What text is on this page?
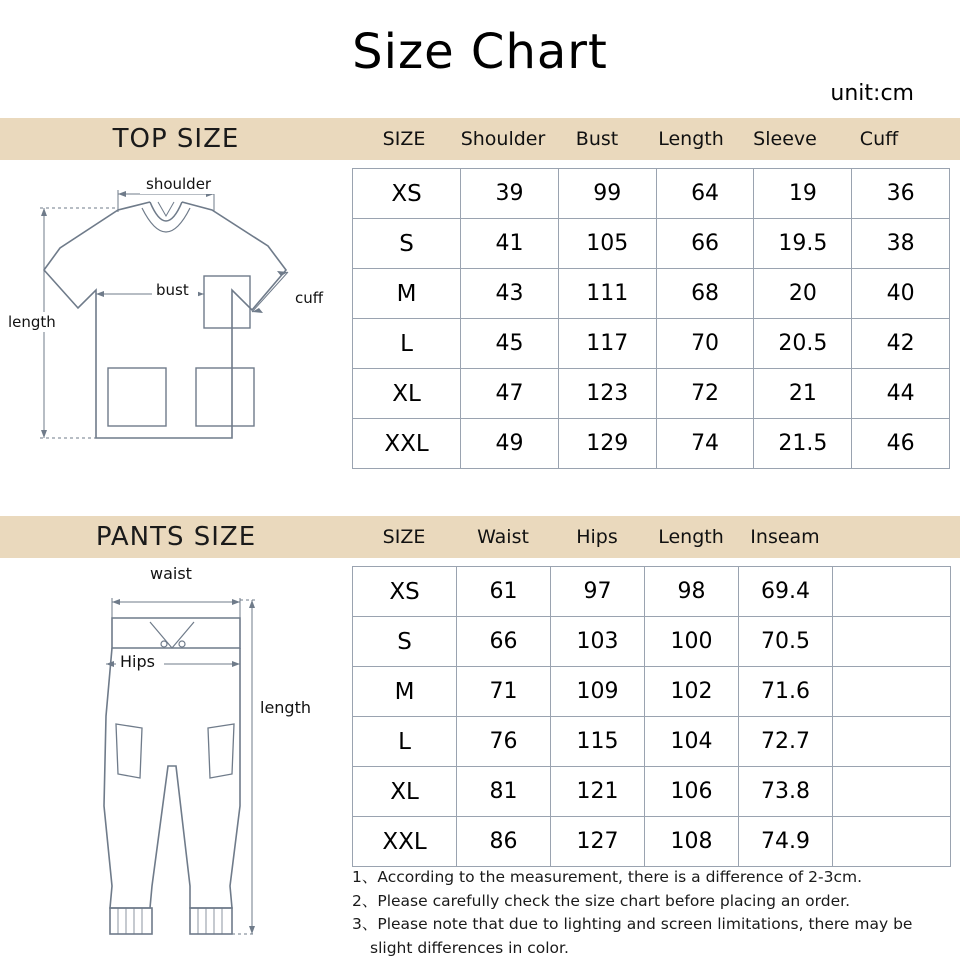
Size Chart
unit:cm
TOP SIZE	SIZE	Shoulder	Bust	Length	Sleeve	Cuff
XS	39	99	64	19	36
S	41	105	66	19.5	38
M	43	111	68	20	40
L	45	117	70	20.5	42
XL	47	123	72	21	44
XXL	49	129	74	21.5	46
shoulder
bust	cuff
length
PANTS SIZE	SIZE	Waist	Hips	Length	Inseam
XS	61	97	98	69.4	
S	66	103	100	70.5	
M	71	109	102	71.6	
L	76	115	104	72.7	
XL	81	121	106	73.8	
XXL	86	127	108	74.9	
waist
Hips
length
1、According to the measurement, there is a difference of 2-3cm.
2、Please carefully check the size chart before placing an order.
3、Please note that due to lighting and screen limitations, there may be
slight differences in color.
